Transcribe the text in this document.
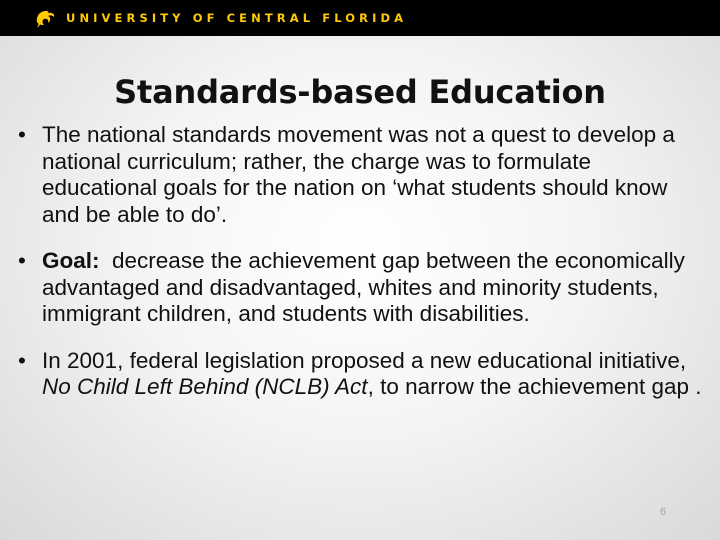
UNIVERSITY OF CENTRAL FLORIDA
Standards-based Education
• The national standards movement was not a quest to develop a national curriculum; rather, the charge was to formulate educational goals for the nation on ‘what students should know and be able to do’.
• Goal:  decrease the achievement gap between the economically advantaged and disadvantaged, whites and minority students, immigrant children, and students with disabilities.
• In 2001, federal legislation proposed a new educational initiative, No Child Left Behind (NCLB) Act, to narrow the achievement gap .
6
